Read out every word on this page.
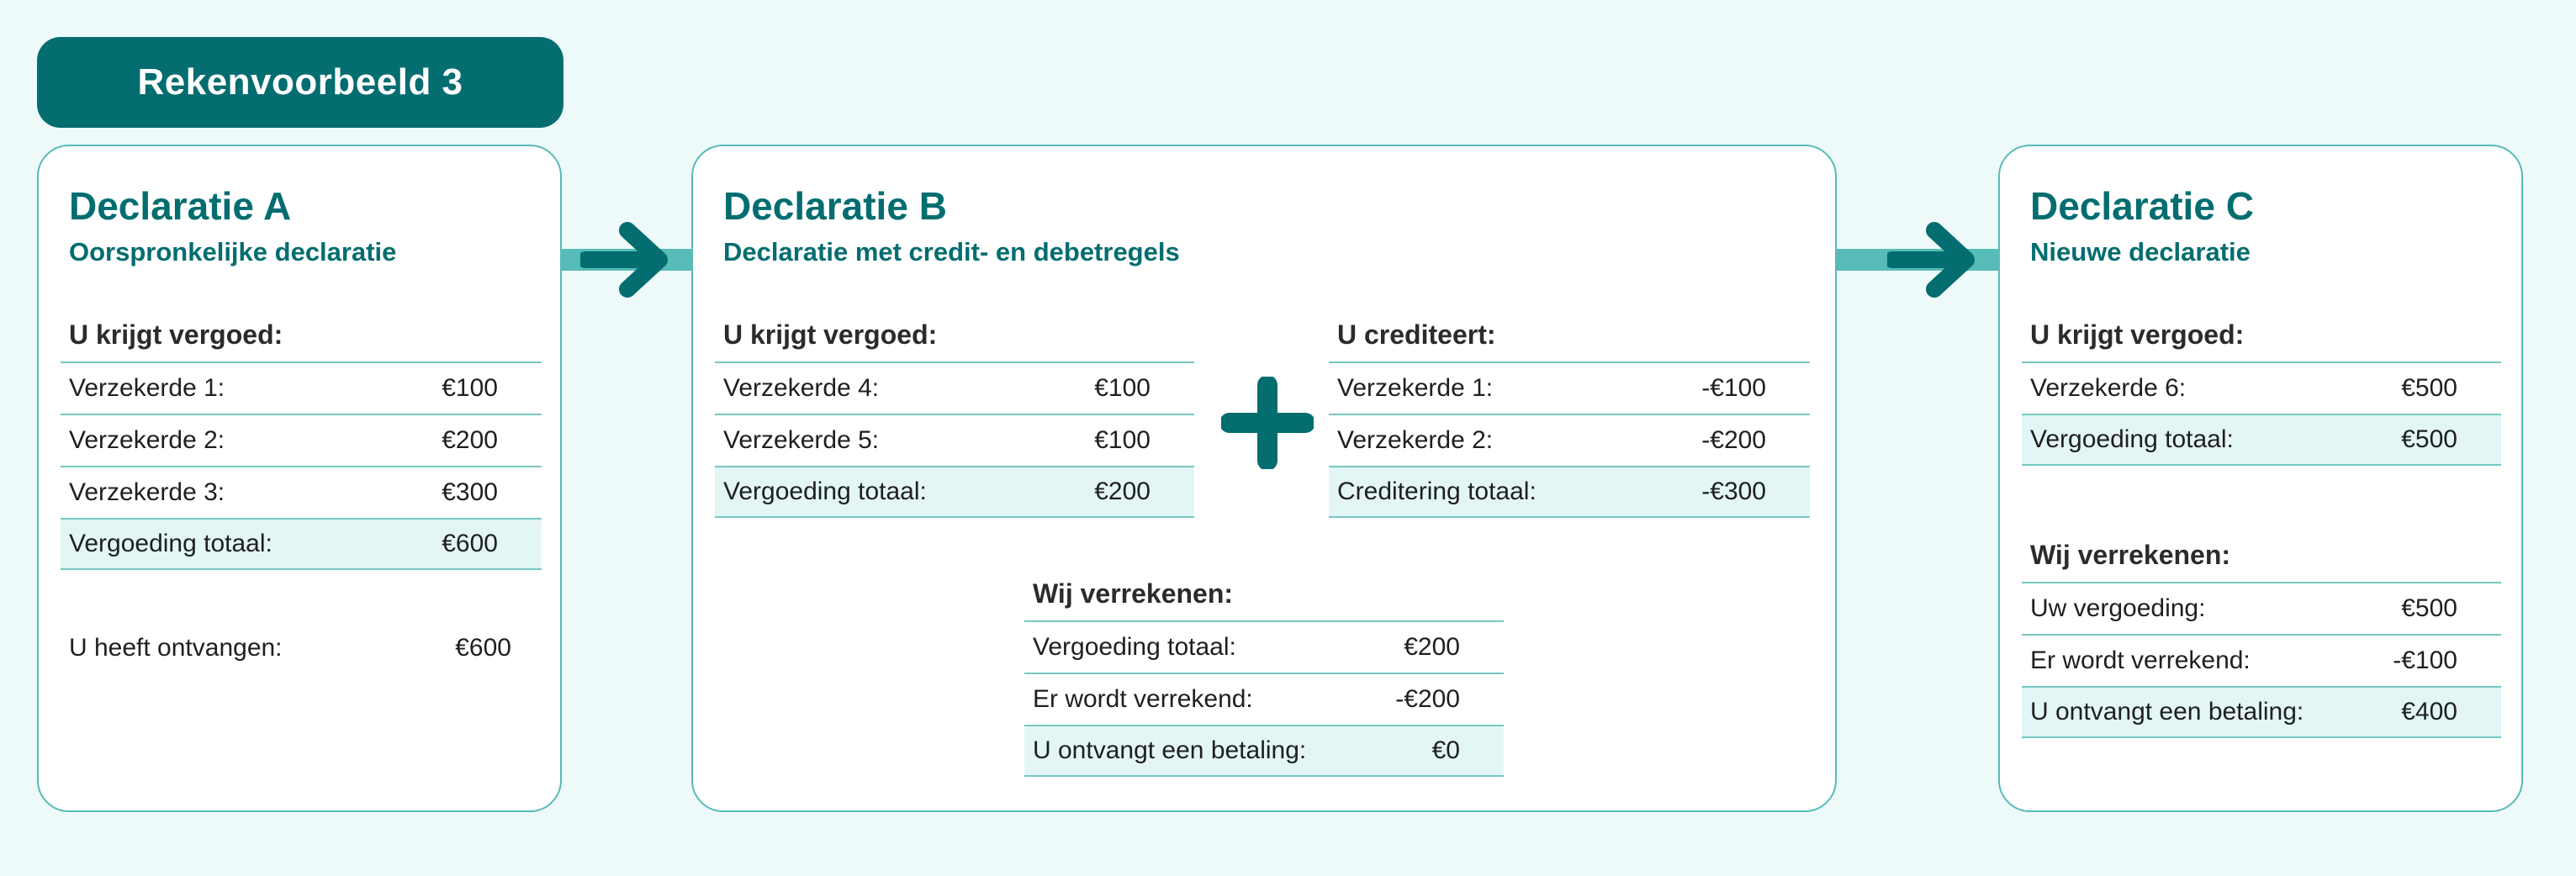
Rekenvoorbeeld 3
Declaratie A
Oorspronkelijke declaratie
U krijgt vergoed:
Verzekerde 1:	€100
Verzekerde 2:	€200
Verzekerde 3:	€300
Vergoeding totaal:	€600
U heeft ontvangen:	€600
Declaratie B
Declaratie met credit- en debetregels
U krijgt vergoed:
Verzekerde 4:	€100
Verzekerde 5:	€100
Vergoeding totaal:	€200
U crediteert:
Verzekerde 1:	-€100
Verzekerde 2:	-€200
Creditering totaal:	-€300
Wij verrekenen:
Vergoeding totaal:	€200
Er wordt verrekend:	-€200
U ontvangt een betaling:	€0
Declaratie C
Nieuwe declaratie
U krijgt vergoed:
Verzekerde 6:	€500
Vergoeding totaal:	€500
Wij verrekenen:
Uw vergoeding:	€500
Er wordt verrekend:	-€100
U ontvangt een betaling:	€400
